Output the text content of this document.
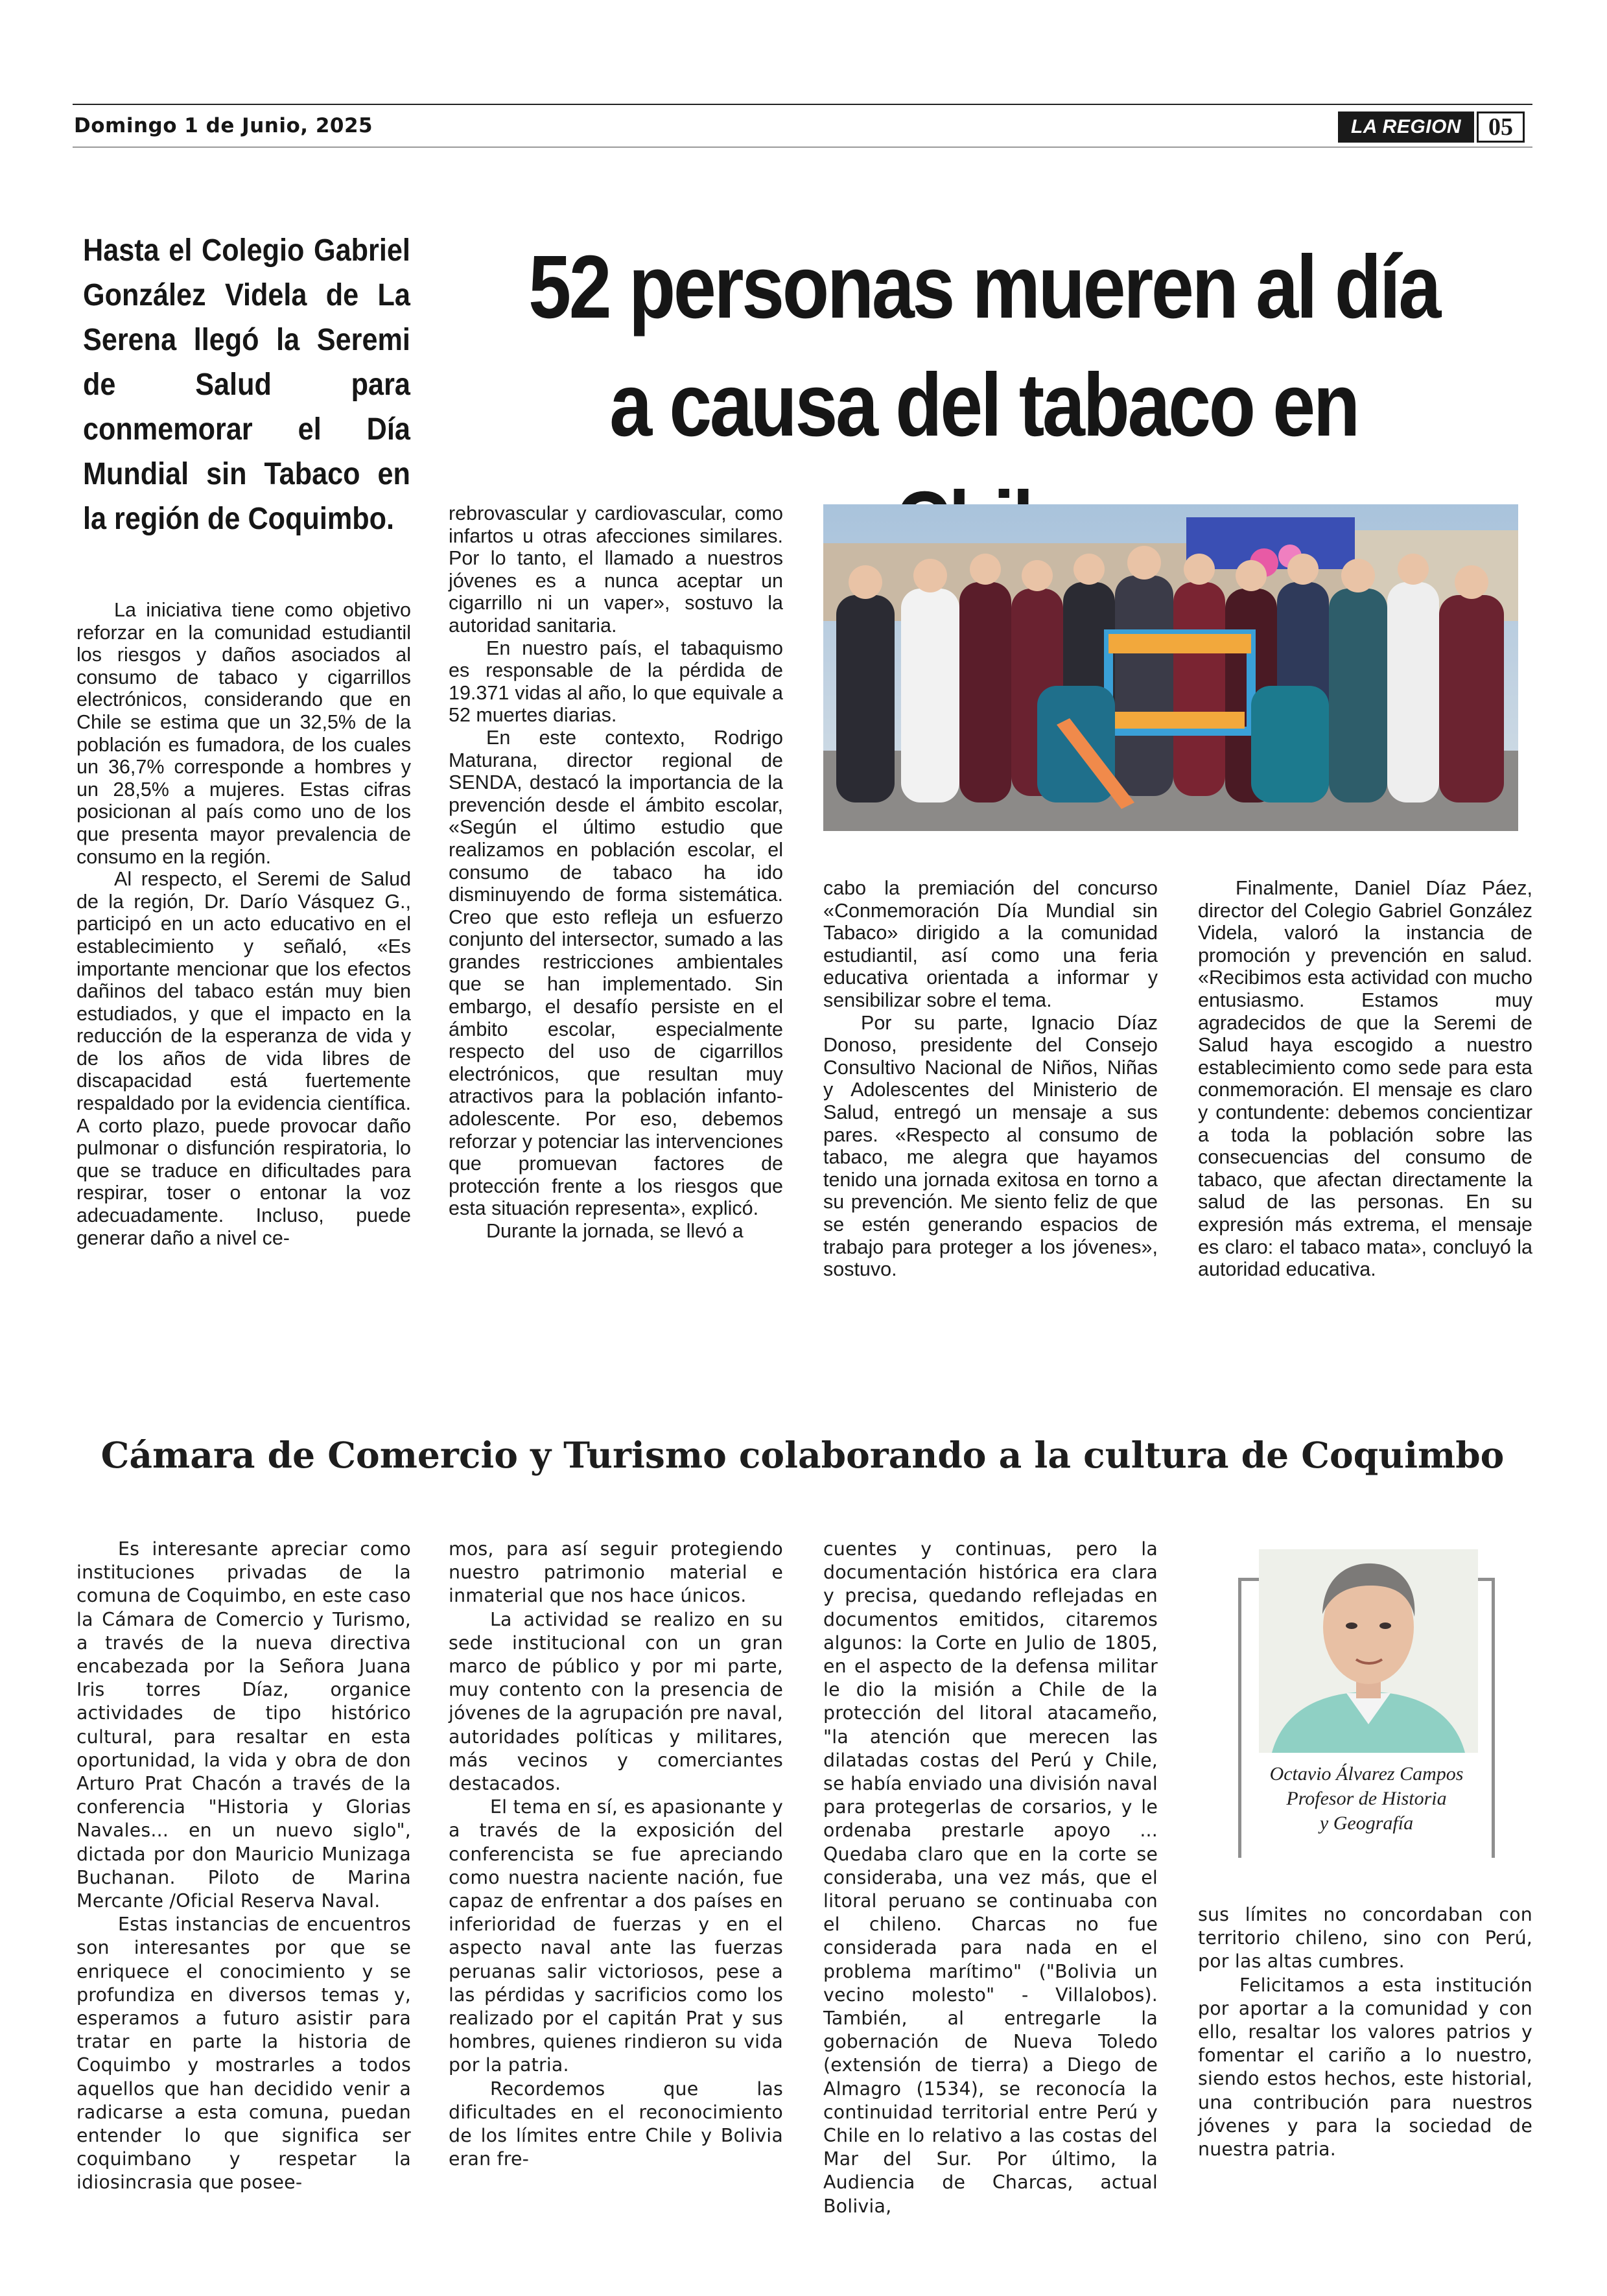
Domingo 1 de Junio, 2025	LA REGION	05
Hasta el Colegio Gabriel González Videla de La Serena llegó la Seremi de Salud para conmemorar el Día Mundial sin Tabaco en la región de Coquimbo.
52 personas mueren al día a causa del tabaco en

La iniciativa tiene como objetivo reforzar en la comunidad estudiantil los riesgos y daños asociados al consumo de tabaco y cigarrillos electrónicos, considerando que en Chile se estima que un 32,5% de la población es fumadora, de los cuales un 36,7% corresponde a hombres y un 28,5% a mujeres. Estas cifras posicionan al país como uno de los que presenta mayor prevalencia de consumo en la región.

Al respecto, el Seremi de Salud de la región, Dr. Darío Vásquez G., participó en un acto educativo en el establecimiento y señaló, «Es importante mencionar que los efectos dañinos del tabaco están muy bien estudiados, y que el impacto en la reducción de la esperanza de vida y de los años de vida libres de discapacidad está fuertemente respaldado por la evidencia científica. A corto plazo, puede provocar daño pulmonar o disfunción respiratoria, lo que se traduce en dificultades para respirar, toser o entonar la voz adecuadamente. Incluso, puede generar daño a nivel ce-

rebrovascular y cardiovascular, como infartos u otras afecciones similares. Por lo tanto, el llamado a nuestros jóvenes es a nunca aceptar un cigarrillo ni un vaper», sostuvo la autoridad sanitaria.

En nuestro país, el tabaquismo es responsable de la pérdida de 19.371 vidas al año, lo que equivale a 52 muertes diarias.

En este contexto, Rodrigo Maturana, director regional de SENDA, destacó la importancia de la prevención desde el ámbito escolar, «Según el último estudio que realizamos en población escolar, el consumo de tabaco ha ido disminuyendo de forma sistemática. Creo que esto refleja un esfuerzo conjunto del intersector, sumado a las grandes restricciones ambientales que se han implementado. Sin embargo, el desafío persiste en el ámbito escolar, especialmente respecto del uso de cigarrillos electrónicos, que resultan muy atractivos para la población infanto-adolescente. Por eso, debemos reforzar y potenciar las intervenciones que promuevan factores de protección frente a los riesgos que esta situación representa», explicó.

Durante la jornada, se llevó a

cabo la premiación del concurso «Conmemoración Día Mundial sin Tabaco» dirigido a la comunidad estudiantil, así como una feria educativa orientada a informar y sensibilizar sobre el tema.

Por su parte, Ignacio Díaz Donoso, presidente del Consejo Consultivo Nacional de Niños, Niñas y Adolescentes del Ministerio de Salud, entregó un mensaje a sus pares. «Respecto al consumo de tabaco, me alegra que hayamos tenido una jornada exitosa en torno a su prevención. Me siento feliz de que se estén generando espacios de trabajo para proteger a los jóvenes», sostuvo.

Finalmente, Daniel Díaz Páez, director del Colegio Gabriel González Videla, valoró la instancia de promoción y prevención en salud. «Recibimos esta actividad con mucho entusiasmo. Estamos muy agradecidos de que la Seremi de Salud haya escogido a nuestro establecimiento como sede para esta conmemoración. El mensaje es claro y contundente: debemos concientizar a toda la población sobre las consecuencias del consumo de tabaco, que afectan directamente la salud de las personas. En su expresión más extrema, el mensaje es claro: el tabaco mata», concluyó la autoridad educativa.

Cámara de Comercio y Turismo colaborando a la cultura de Coquimbo

Es interesante apreciar como instituciones privadas de la comuna de Coquimbo, en este caso la Cámara de Comercio y Turismo, a través de la nueva directiva encabezada por la Señora Juana Iris torres Díaz, organice actividades de tipo histórico cultural, para resaltar en esta oportunidad, la vida y obra de don Arturo Prat Chacón a través de la conferencia "Historia y Glorias Navales... en un nuevo siglo", dictada por don Mauricio Munizaga Buchanan. Piloto de Marina Mercante /Oficial Reserva Naval.

Estas instancias de encuentros son interesantes por que se enriquece el conocimiento y se profundiza en diversos temas y, esperamos a futuro asistir para tratar en parte la historia de Coquimbo y mostrarles a todos aquellos que han decidido venir a radicarse a esta comuna, puedan entender lo que significa ser coquimbano y respetar la idiosincrasia que posee-

mos, para así seguir protegiendo nuestro patrimonio material e inmaterial que nos hace únicos.

La actividad se realizo en su sede institucional con un gran marco de público y por mi parte, muy contento con la presencia de jóvenes de la agrupación pre naval, autoridades políticas y militares, más vecinos y comerciantes destacados.

El tema en sí, es apasionante y a través de la exposición del conferencista se fue apreciando como nuestra naciente nación, fue capaz de enfrentar a dos países en inferioridad de fuerzas y en el aspecto naval ante las fuerzas peruanas salir victoriosos, pese a las pérdidas y sacrificios como los realizado por el capitán Prat y sus hombres, quienes rindieron su vida por la patria.

Recordemos que las dificultades en el reconocimiento de los límites entre Chile y Bolivia eran fre-

cuentes y continuas, pero la documentación histórica era clara y precisa, quedando reflejadas en documentos emitidos, citaremos algunos: la Corte en Julio de 1805, en el aspecto de la defensa militar le dio la misión a Chile de la protección del litoral atacameño, "la atención que merecen las dilatadas costas del Perú y Chile, se había enviado una división naval para protegerlas de corsarios, y le ordenaba prestarle apoyo ... Quedaba claro que en la corte se consideraba, una vez más, que el litoral peruano se continuaba con el chileno. Charcas no fue considerada para nada en el problema marítimo" ("Bolivia un vecino molesto" - Villalobos). También, al entregarle la gobernación de Nueva Toledo (extensión de tierra) a Diego de Almagro (1534), se reconocía la continuidad territorial entre Perú y Chile en lo relativo a las costas del Mar del Sur. Por último, la Audiencia de Charcas, actual Bolivia,

Octavio Álvarez Campos
Profesor de Historia
y Geografía

sus límites no concordaban con territorio chileno, sino con Perú, por las altas cumbres.

Felicitamos a esta institución por aportar a la comunidad y con ello, resaltar los valores patrios y fomentar el cariño a lo nuestro, siendo estos hechos, este historial, una contribución para nuestros jóvenes y para la sociedad de nuestra patria.
